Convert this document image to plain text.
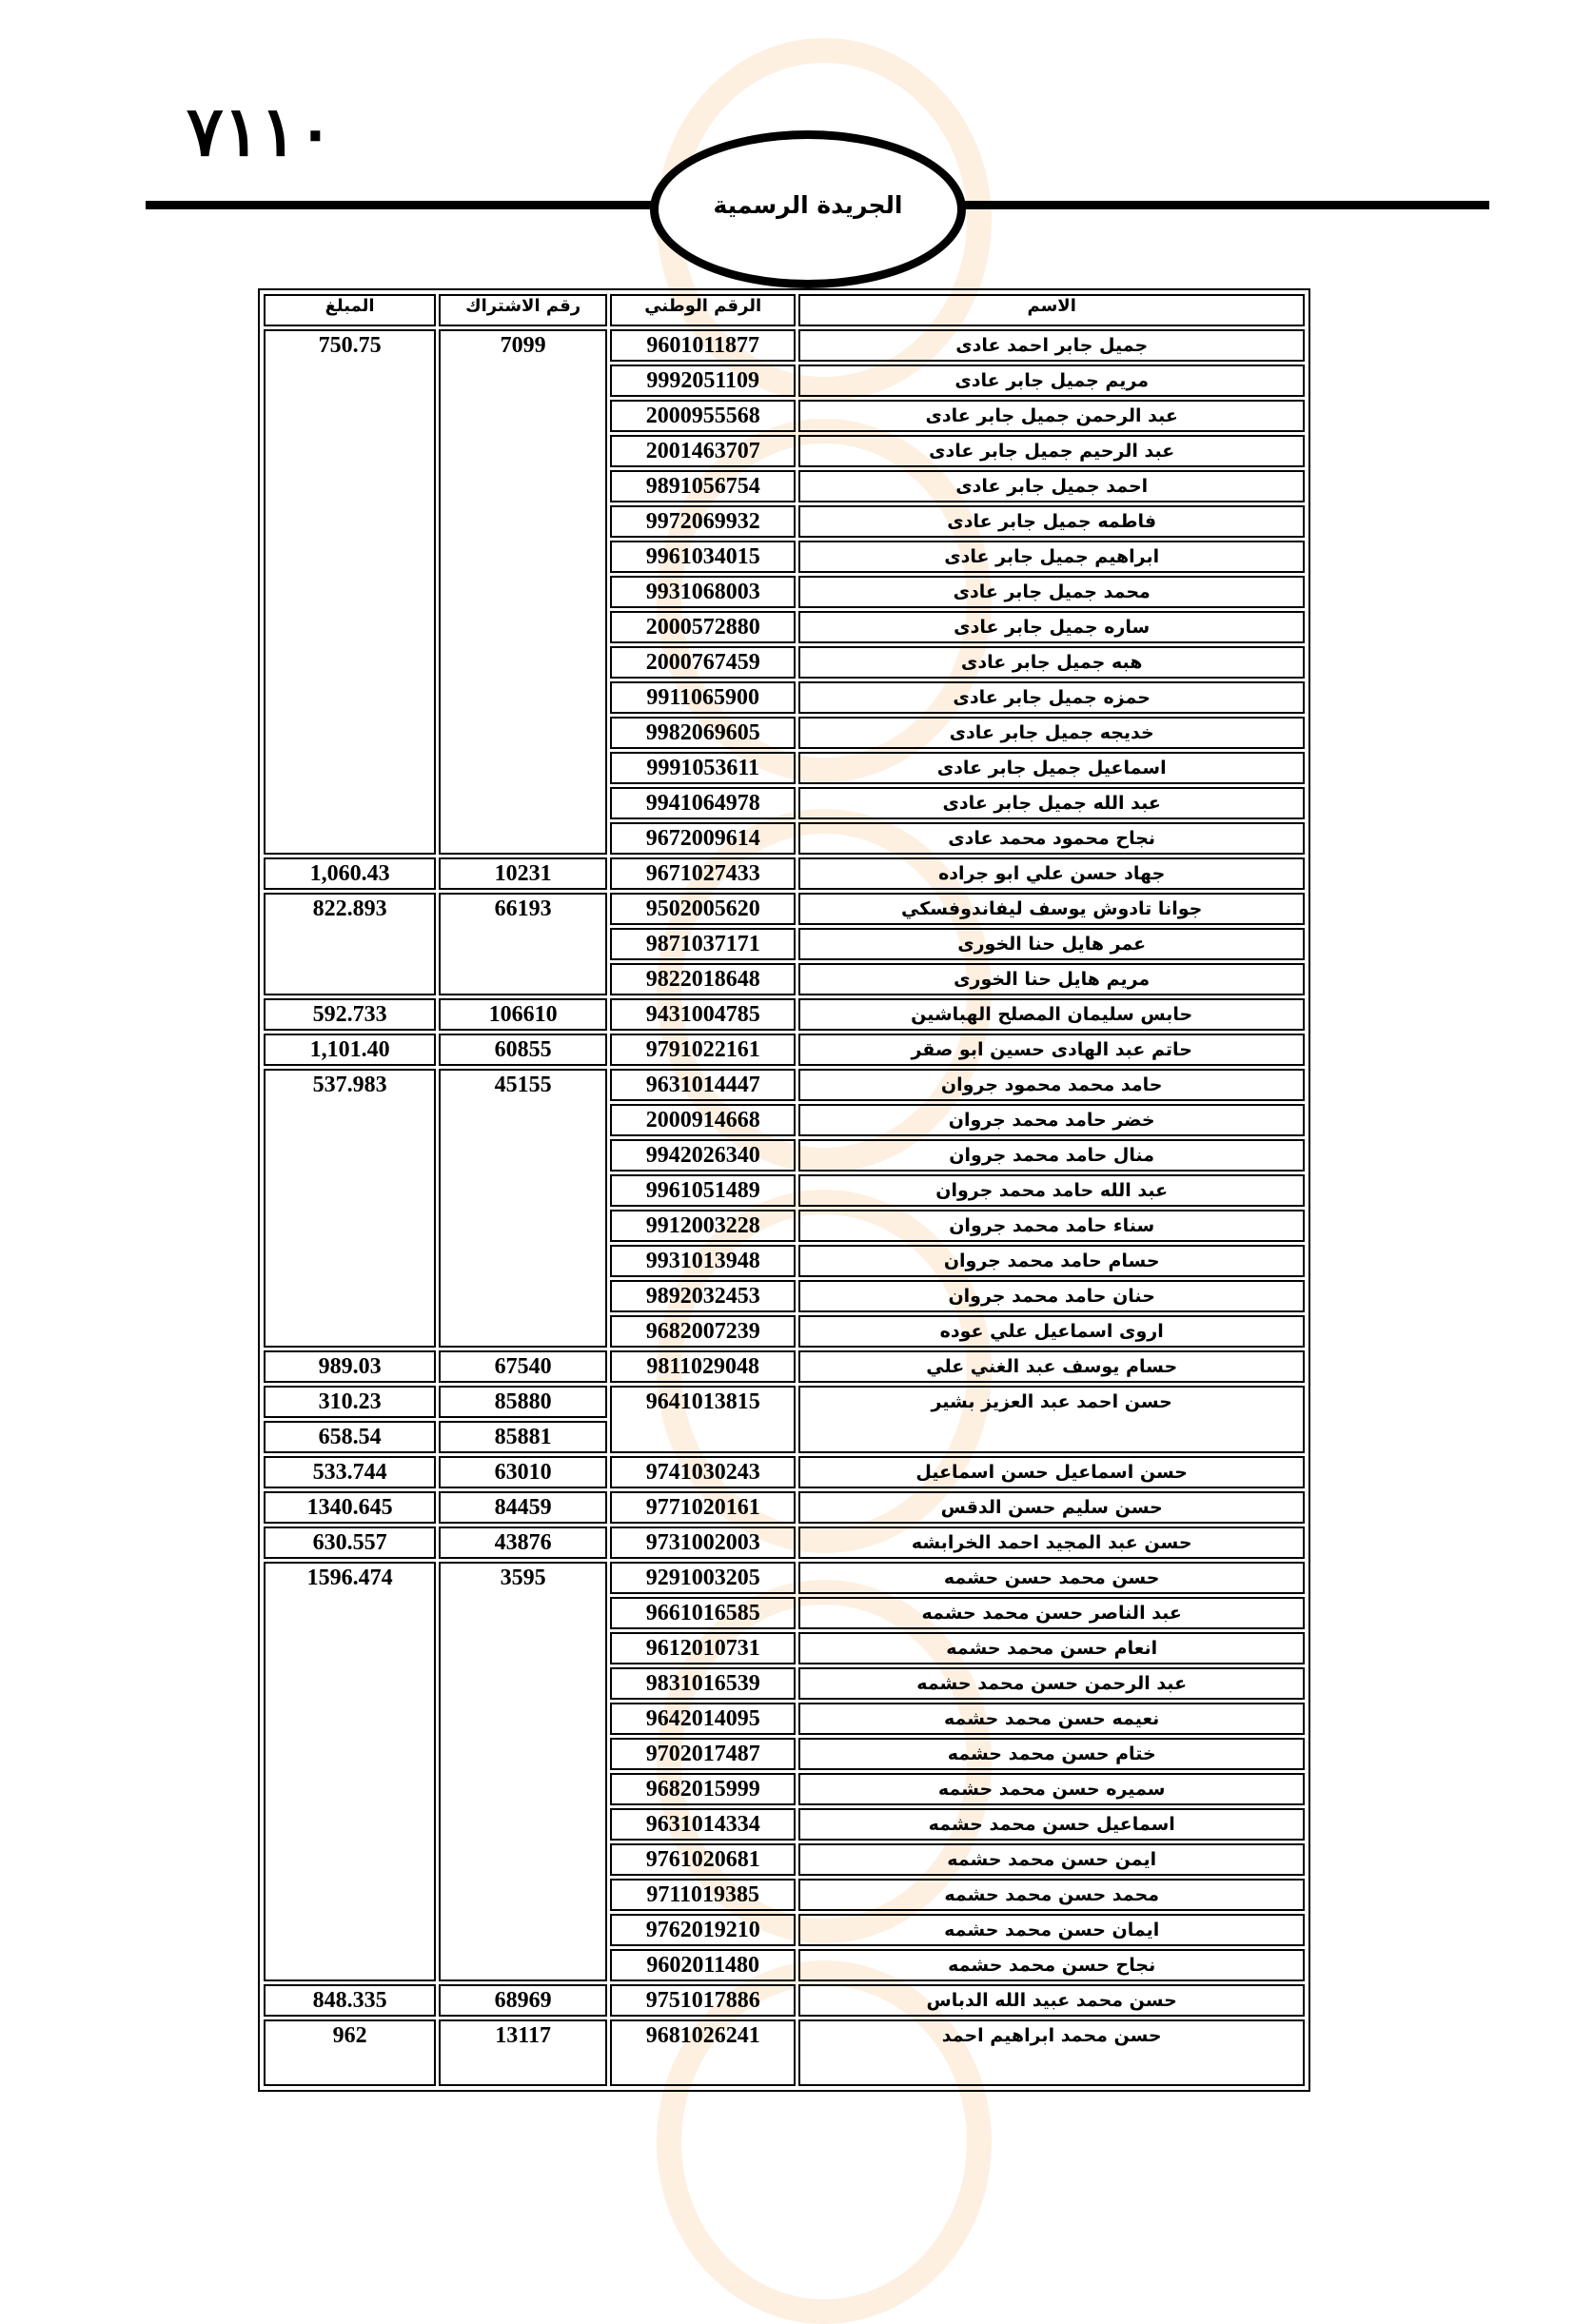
٧١١٠
الجريدة الرسمية
الاسم	الرقم الوطني	رقم الاشتراك	المبلغ
جميل جابر احمد عادى	9601011877	7099	750.75
مريم جميل جابر عادى	9992051109		
عبد الرحمن جميل جابر عادى	2000955568		
عبد الرحيم جميل جابر عادى	2001463707		
احمد جميل جابر عادى	9891056754		
فاطمه جميل جابر عادى	9972069932		
ابراهيم جميل جابر عادى	9961034015		
محمد جميل جابر عادى	9931068003		
ساره جميل جابر عادى	2000572880		
هبه جميل جابر عادى	2000767459		
حمزه جميل جابر عادى	9911065900		
خديجه جميل جابر عادى	9982069605		
اسماعيل جميل جابر عادى	9991053611		
عبد الله جميل جابر عادى	9941064978		
نجاح محمود محمد عادى	9672009614		
جهاد حسن علي ابو جراده	9671027433	10231	1,060.43
جوانا تادوش يوسف ليفاندوفسكي	9502005620	66193	822.893
عمر هايل حنا الخورى	9871037171		
مريم هايل حنا الخورى	9822018648		
حابس سليمان المصلح الهباشين	9431004785	106610	592.733
حاتم عبد الهادى حسين ابو صقر	9791022161	60855	1,101.40
حامد محمد محمود جروان	9631014447	45155	537.983
خضر حامد محمد جروان	2000914668		
منال حامد محمد جروان	9942026340		
عبد الله حامد محمد جروان	9961051489		
سناء حامد محمد جروان	9912003228		
حسام حامد محمد جروان	9931013948		
حنان حامد محمد جروان	9892032453		
اروى اسماعيل علي عوده	9682007239		
حسام يوسف عبد الغني علي	9811029048	67540	989.03
حسن احمد عبد العزيز بشير	9641013815	85880	310.23
		85881	658.54
حسن اسماعيل حسن اسماعيل	9741030243	63010	533.744
حسن سليم حسن الدقس	9771020161	84459	1340.645
حسن عبد المجيد احمد الخرابشه	9731002003	43876	630.557
حسن محمد حسن حشمه	9291003205	3595	1596.474
عبد الناصر حسن محمد حشمه	9661016585		
انعام حسن محمد حشمه	9612010731		
عبد الرحمن حسن محمد حشمه	9831016539		
نعيمه حسن محمد حشمه	9642014095		
ختام حسن محمد حشمه	9702017487		
سميره حسن محمد حشمه	9682015999		
اسماعيل حسن محمد حشمه	9631014334		
ايمن حسن محمد حشمه	9761020681		
محمد حسن محمد حشمه	9711019385		
ايمان حسن محمد حشمه	9762019210		
نجاح حسن محمد حشمه	9602011480		
حسن محمد عبيد الله الدباس	9751017886	68969	848.335
حسن محمد ابراهيم احمد	9681026241	13117	962
